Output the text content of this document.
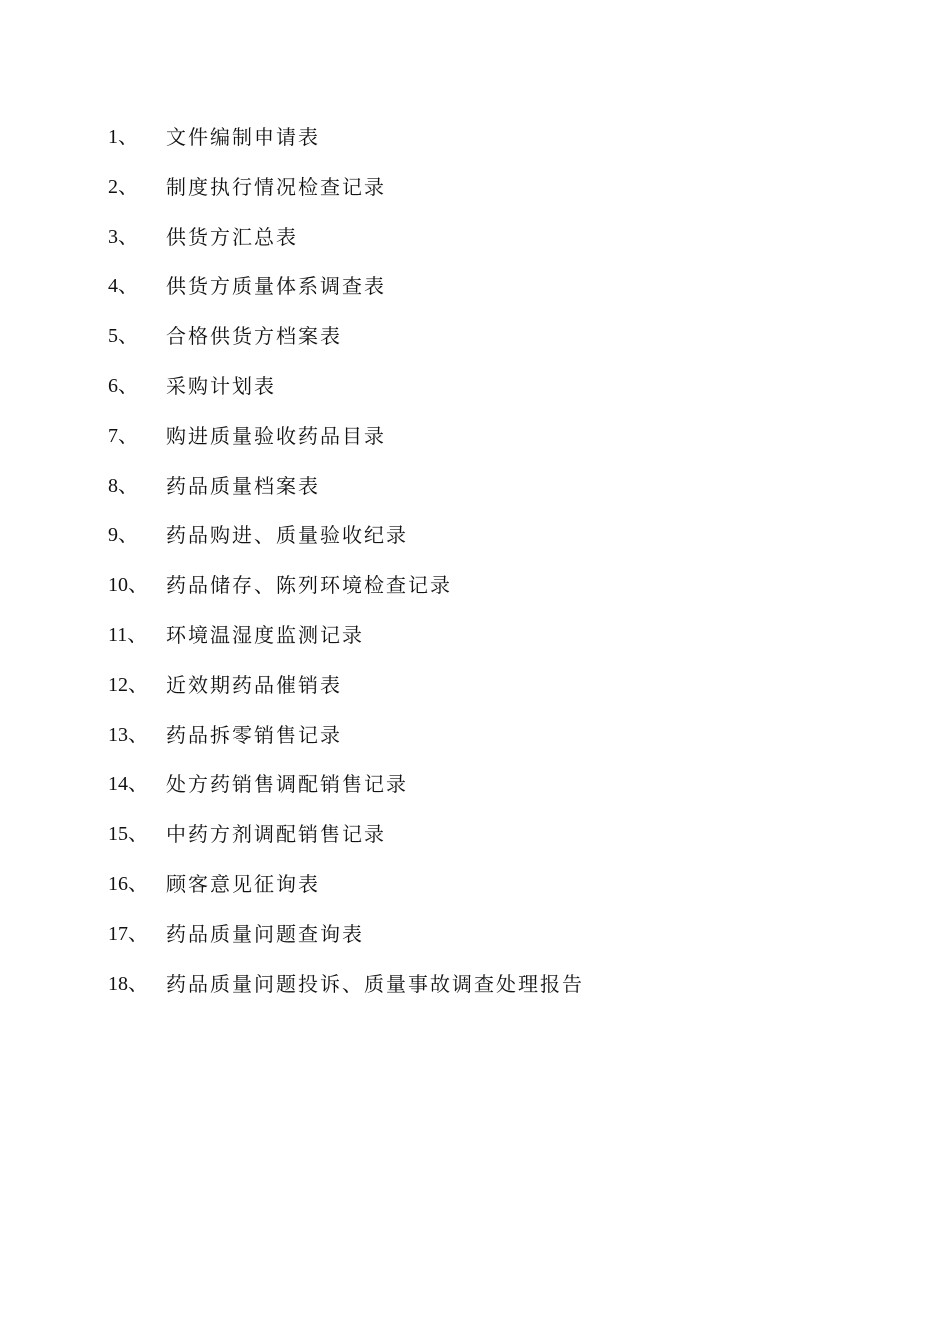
1、	文件编制申请表
2、	制度执行情况检查记录
3、	供货方汇总表
4、	供货方质量体系调查表
5、	合格供货方档案表
6、	采购计划表
7、	购进质量验收药品目录
8、	药品质量档案表
9、	药品购进、质量验收纪录
10、 药品储存、陈列环境检查记录
11、 环境温湿度监测记录
12、 近效期药品催销表
13、 药品拆零销售记录
14、 处方药销售调配销售记录
15、 中药方剂调配销售记录
16、 顾客意见征询表
17、 药品质量问题查询表
18、 药品质量问题投诉、质量事故调查处理报告
